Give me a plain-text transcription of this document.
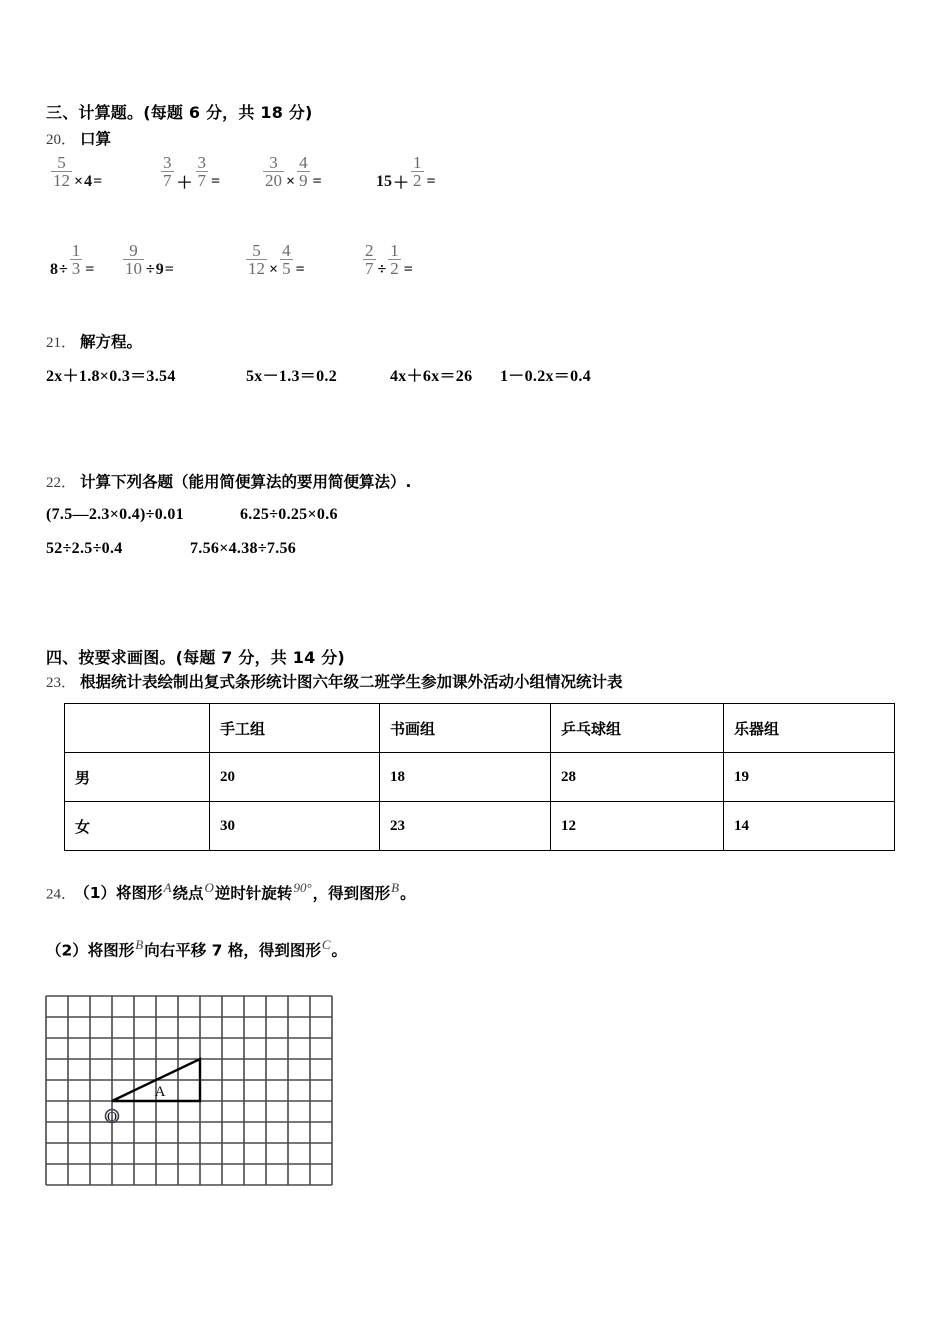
三、计算题。(每题 6 分，共 18 分)
20． 口算
$\frac{5}{12} \times 4$ =	$\frac{3}{7} + \frac{3}{7}$ =	$\frac{3}{20} \times \frac{4}{9}$ =	$15 + \frac{1}{2}$ =
$8 \div \frac{1}{3} = \frac{9}{10} \div 9$ =	$\frac{5}{12} \times \frac{4}{5}$ =	$\frac{2}{7} \div \frac{1}{2}$ =
21． 解方程。
2x＋1.8×0.3＝3.54	5x－1.3＝0.2	4x＋6x＝26 1－0.2x＝0.4
22． 计算下列各题（能用简便算法的要用简便算法）.
(7.5—2.3×0.4)÷0.01	6.25÷0.25×0.6
52÷2.5÷0.4	7.56×4.38÷7.56
四、按要求画图。(每题 7 分，共 14 分)
23． 根据统计表绘制出复式条形统计图六年级二班学生参加课外活动小组情况统计表
	手工组	书画组	乒乓球组	乐器组
男	20	18	28	19
女	30	23	12	14
24． （1）将图形$^A$绕点$^O$逆时针旋转$^{90^\circ}$，得到图形$^B$。
（2）将图形$^B$向右平移 7 格，得到图形$^C$。
O
A
